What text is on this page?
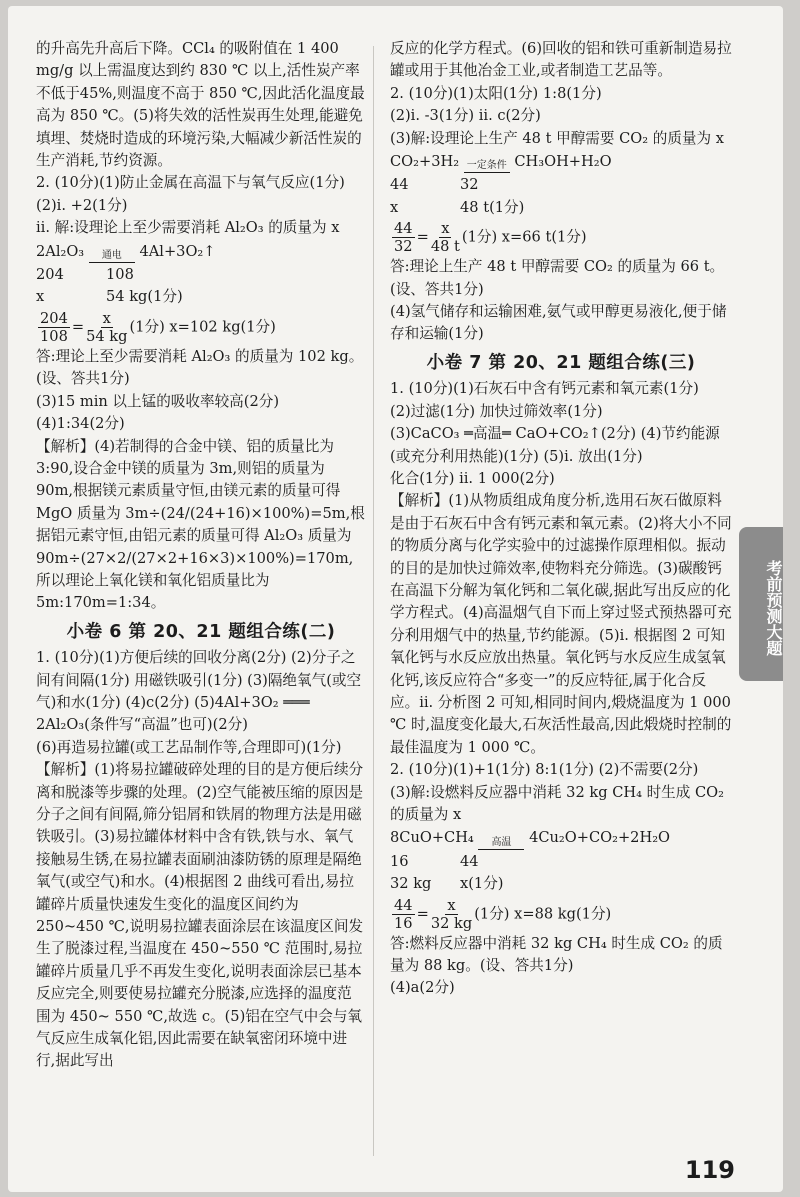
的升高先升高后下降。CCl₄ 的吸附值在 1 400 mg/g 以上需温度达到约 830 ℃ 以上,活性炭产率不低于45%,则温度不高于 850 ℃,因此活化温度最高为 850 ℃。(5)将失效的活性炭再生处理,能避免填埋、焚烧时造成的环境污染,大幅减少新活性炭的生产消耗,节约资源。

2. (10分)(1)防止金属在高温下与氧气反应(1分)

(2)ⅰ. +2(1分)

ⅱ. 解:设理论上至少需要消耗 Al₂O₃ 的质量为 x

2Al₂O₃ 通电 4Al+3O₂↑
204	108
x	54 kg(1分)
$\frac{204}{108} = \frac{x}{54 kg} (1$分) x=102 kg(1分)

答:理论上至少需要消耗 Al₂O₃ 的质量为 102 kg。(设、答共1分)

(3)15 min 以上锰的吸收率较高(2分)

(4)1:34(2分)

【解析】(4)若制得的合金中镁、铝的质量比为 3:90,设合金中镁的质量为 3m,则铝的质量为 90m,根据镁元素质量守恒,由镁元素的质量可得 MgO 质量为 3m÷(24/(24+16)×100%)=5m,根据铝元素守恒,由铝元素的质量可得 Al₂O₃ 质量为 90m÷(27×2/(27×2+16×3)×100%)=170m,所以理论上氧化镁和氧化铝质量比为 5m:170m=1:34。

小卷 6 第 20、21 题组合练(二)

1. (10分)(1)方便后续的回收分离(2分) (2)分子之间有间隔(1分) 用磁铁吸引(1分) (3)隔绝氧气(或空气)和水(1分) (4)c(2分) (5)4Al+3O₂ ═══ 2Al₂O₃(条件写“高温”也可)(2分)

(6)再造易拉罐(或工艺品制作等,合理即可)(1分)

【解析】(1)将易拉罐破碎处理的目的是方便后续分离和脱漆等步骤的处理。(2)空气能被压缩的原因是分子之间有间隔,筛分铝屑和铁屑的物理方法是用磁铁吸引。(3)易拉罐体材料中含有铁,铁与水、氧气接触易生锈,在易拉罐表面刷油漆防锈的原理是隔绝氧气(或空气)和水。(4)根据图 2 曲线可看出,易拉罐碎片质量快速发生变化的温度区间约为 250~450 ℃,说明易拉罐表面涂层在该温度区间发生了脱漆过程,当温度在 450~550 ℃ 范围时,易拉罐碎片质量几乎不再发生变化,说明表面涂层已基本反应完全,则要使易拉罐充分脱漆,应选择的温度范围为 450~ 550 ℃,故选 c。(5)铝在空气中会与氧气反应生成氧化铝,因此需要在缺氧密闭环境中进行,据此写出

反应的化学方程式。(6)回收的铝和铁可重新制造易拉罐或用于其他冶金工业,或者制造工艺品等。

2. (10分)(1)太阳(1分) 1:8(1分)

(2)ⅰ. -3(1分) ⅱ. c(2分)

(3)解:设理论上生产 48 t 甲醇需要 CO₂ 的质量为 x

CO₂+3H₂ 一定条件 CH₃OH+H₂O
44	32
x	48 t(1分)
$\frac{44}{32} = \frac{x}{48 t} (1$分) x=66 t(1分)

答:理论上生产 48 t 甲醇需要 CO₂ 的质量为 66 t。(设、答共1分)

(4)氢气储存和运输困难,氨气或甲醇更易液化,便于储存和运输(1分)

小卷 7 第 20、21 题组合练(三)

1. (10分)(1)石灰石中含有钙元素和氧元素(1分)

(2)过滤(1分) 加快过筛效率(1分)

(3)CaCO₃ ═高温═ CaO+CO₂↑(2分) (4)节约能源(或充分利用热能)(1分) (5)ⅰ. 放出(1分)

化合(1分) ⅱ. 1 000(2分)

【解析】(1)从物质组成角度分析,选用石灰石做原料是由于石灰石中含有钙元素和氧元素。(2)将大小不同的物质分离与化学实验中的过滤操作原理相似。振动的目的是加快过筛效率,使物料充分筛选。(3)碳酸钙在高温下分解为氧化钙和二氧化碳,据此写出反应的化学方程式。(4)高温烟气自下而上穿过竖式预热器可充分利用烟气中的热量,节约能源。(5)ⅰ. 根据图 2 可知氧化钙与水反应放出热量。氧化钙与水反应生成氢氧化钙,该反应符合“多变一”的反应特征,属于化合反应。ⅱ. 分析图 2 可知,相同时间内,煅烧温度为 1 000 ℃ 时,温度变化最大,石灰活性最高,因此煅烧时控制的最佳温度为 1 000 ℃。

2. (10分)(1)+1(1分) 8:1(1分) (2)不需要(2分)

(3)解:设燃料反应器中消耗 32 kg CH₄ 时生成 CO₂ 的质量为 x

8CuO+CH₄ 高温 4Cu₂O+CO₂+2H₂O
16	44
32 kg	x(1分)
$\frac{44}{16} = \frac{x}{32 kg} (1$分) x=88 kg(1分)

答:燃料反应器中消耗 32 kg CH₄ 时生成 CO₂ 的质量为 88 kg。(设、答共1分)

(4)a(2分)

考前预测大题
119
